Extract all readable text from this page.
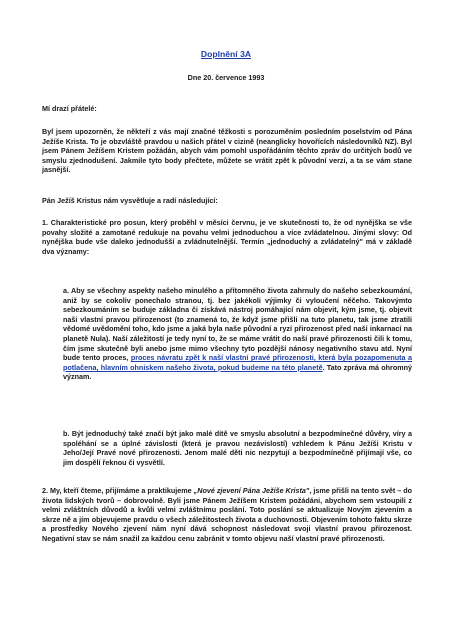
Doplnění 3A

Dne 20. července 1993

Mí drazí přátelé:

Byl jsem upozorněn, že někteří z vás mají značné těžkosti s porozuměním posledním poselstvím od Pána Ježíše Krista. To je obzvláště pravdou u našich přátel v cizině (neanglicky hovořících následovníků NZ). Byl jsem Pánem Ježíšem Kristem požádán, abych vám pomohl uspořádáním těchto zpráv do určitých bodů ve smyslu zjednodušení. Jakmile tyto body přečtete, můžete se vrátit zpět k původní verzi, a ta se vám stane jasnější.

Pán Ježíš Kristus nám vysvětluje a radí následující:

1. Charakteristické pro posun, který proběhl v měsíci červnu, je ve skutečnosti to, že od nynějška se vše povahy složité a zamotané redukuje na povahu velmi jednoduchou a více zvládatelnou. Jinými slovy: Od nynějška bude vše daleko jednodušší a zvládnutelnější. Termín „jednoduchý a zvládatelný" má v základě dva významy:

a. Aby se všechny aspekty našeho minulého a přítomného života zahrnuly do našeho sebezkoumání, aniž by se cokoliv ponechalo stranou, tj. bez jakékoli výjimky či vyloučení něčeho. Takovýmto sebezkoumáním se buduje základna či získává nástroj pomáhající nám objevit, kým jsme, tj. objevit naši vlastní pravou přirozenost (to znamená to, že když jsme přišli na tuto planetu, tak jsme ztratili vědomé uvědomění toho, kdo jsme a jaká byla naše původní a ryzí přirozenost před naší inkarnací na planetě Nula). Naší záležitostí je tedy nyní to, že se máme vrátit do naší pravé přirozenosti čili k tomu, čím jsme skutečně byli anebo jsme mimo všechny tyto pozdější nánosy negativního stavu atd. Nyní bude tento proces, proces návratu zpět k naší vlastní pravé přirozenosti, která byla pozapomenuta a potlačena, hlavním ohniskem našeho života, pokud budeme na této planetě. Tato zpráva má ohromný význam.

b. Být jednoduchý také značí být jako malé dítě ve smyslu absolutní a bezpodmínečné důvěry, víry a spoléhání se a úplné závislosti (která je pravou nezávislostí) vzhledem k Pánu Ježíši Kristu v Jeho/Její Pravé nové přirozenosti. Jenom malé děti nic nezpytují a bezpodmínečně přijímají vše, co jim dospělí řeknou či vysvětlí.

2. My, kteří čteme, přijímáme a praktikujeme „Nové zjevení Pána Ježíše Krista", jsme přišli na tento svět – do života lidských tvorů – dobrovolně. Byli jsme Pánem Ježíšem Kristem požádáni, abychom sem vstoupili z velmi zvláštních důvodů a kvůli velmi zvláštnímu poslání. Toto poslání se aktualizuje Novým zjevením a skrze ně a jím objevujeme pravdu o všech záležitostech života a duchovnosti. Objevením tohoto faktu skrze a prostředky Nového zjevení nám nyní dává schopnost následovat svoji vlastní pravou přirozenost. Negativní stav se nám snažil za každou cenu zabránit v tomto objevu naší vlastní pravé přirozenosti.
